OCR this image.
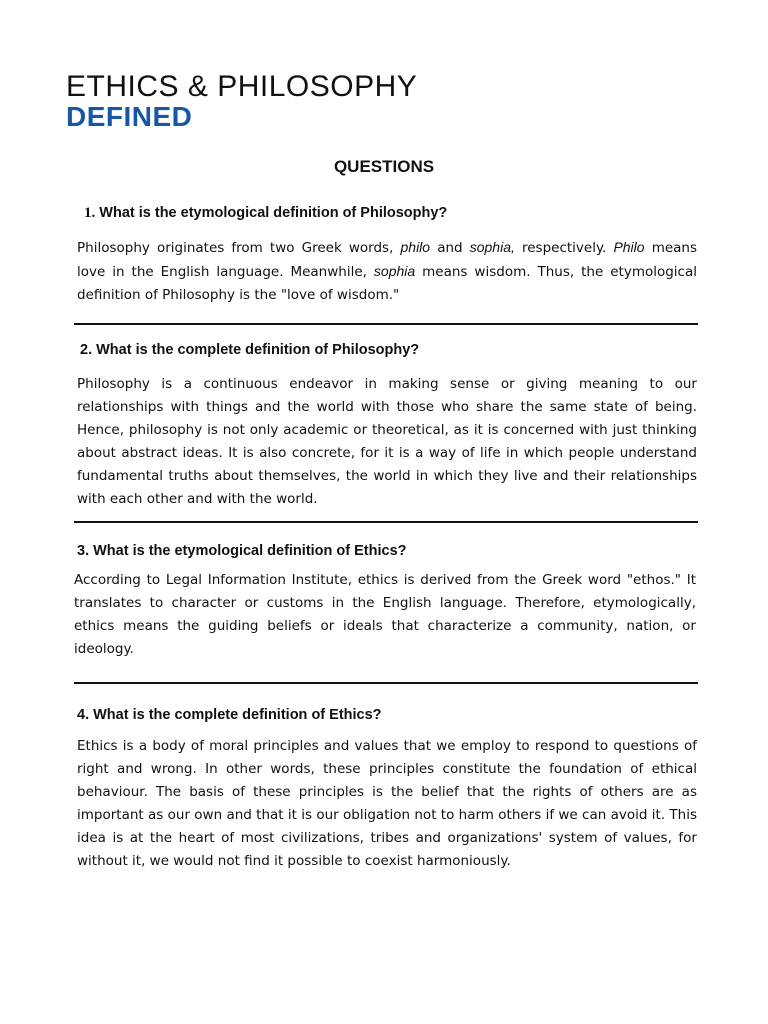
ETHICS & PHILOSOPHY
DEFINED
QUESTIONS

1. What is the etymological definition of Philosophy?

Philosophy originates from two Greek words, philo and sophia, respectively. Philo means love in the English language. Meanwhile, sophia means wisdom. Thus, the etymological definition of Philosophy is the "love of wisdom."

2. What is the complete definition of Philosophy?

Philosophy is a continuous endeavor in making sense or giving meaning to our relationships with things and the world with those who share the same state of being. Hence, philosophy is not only academic or theoretical, as it is concerned with just thinking about abstract ideas. It is also concrete, for it is a way of life in which people understand fundamental truths about themselves, the world in which they live and their relationships with each other and with the world.

3. What is the etymological definition of Ethics?

According to Legal Information Institute, ethics is derived from the Greek word "ethos." It translates to character or customs in the English language. Therefore, etymologically, ethics means the guiding beliefs or ideals that characterize a community, nation, or ideology.

4. What is the complete definition of Ethics?

Ethics is a body of moral principles and values that we employ to respond to questions of right and wrong. In other words, these principles constitute the foundation of ethical behaviour. The basis of these principles is the belief that the rights of others are as important as our own and that it is our obligation not to harm others if we can avoid it. This idea is at the heart of most civilizations, tribes and organizations' system of values, for without it, we would not find it possible to coexist harmoniously.
